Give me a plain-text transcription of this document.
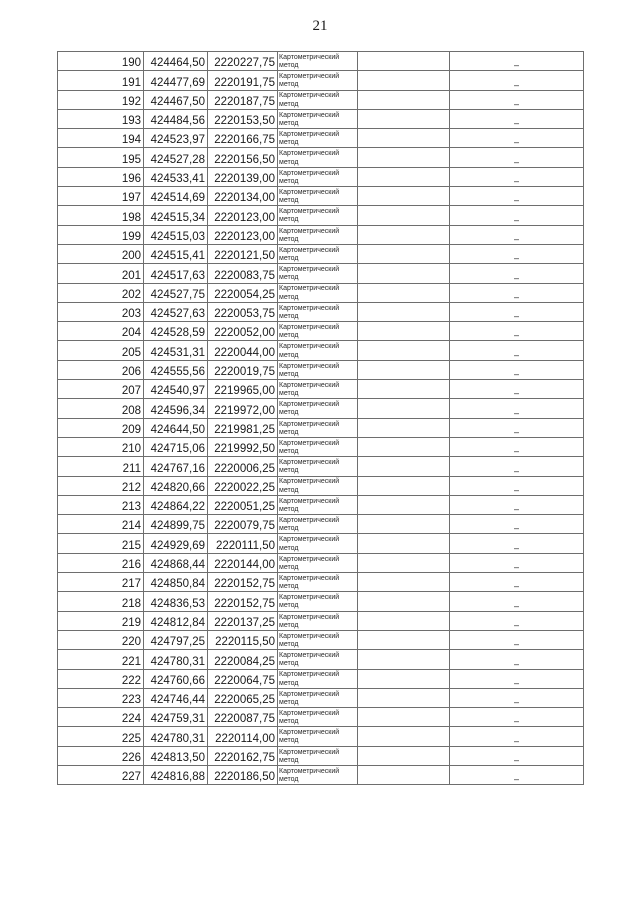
21
190	424464,50	2220227,75	Картометрический метод		–
191	424477,69	2220191,75	Картометрический метод		–
192	424467,50	2220187,75	Картометрический метод		–
193	424484,56	2220153,50	Картометрический метод		–
194	424523,97	2220166,75	Картометрический метод		–
195	424527,28	2220156,50	Картометрический метод		–
196	424533,41	2220139,00	Картометрический метод		–
197	424514,69	2220134,00	Картометрический метод		–
198	424515,34	2220123,00	Картометрический метод		–
199	424515,03	2220123,00	Картометрический метод		–
200	424515,41	2220121,50	Картометрический метод		–
201	424517,63	2220083,75	Картометрический метод		–
202	424527,75	2220054,25	Картометрический метод		–
203	424527,63	2220053,75	Картометрический метод		–
204	424528,59	2220052,00	Картометрический метод		–
205	424531,31	2220044,00	Картометрический метод		–
206	424555,56	2220019,75	Картометрический метод		–
207	424540,97	2219965,00	Картометрический метод		–
208	424596,34	2219972,00	Картометрический метод		–
209	424644,50	2219981,25	Картометрический метод		–
210	424715,06	2219992,50	Картометрический метод		–
211	424767,16	2220006,25	Картометрический метод		–
212	424820,66	2220022,25	Картометрический метод		–
213	424864,22	2220051,25	Картометрический метод		–
214	424899,75	2220079,75	Картометрический метод		–
215	424929,69	2220111,50	Картометрический метод		–
216	424868,44	2220144,00	Картометрический метод		–
217	424850,84	2220152,75	Картометрический метод		–
218	424836,53	2220152,75	Картометрический метод		–
219	424812,84	2220137,25	Картометрический метод		–
220	424797,25	2220115,50	Картометрический метод		–
221	424780,31	2220084,25	Картометрический метод		–
222	424760,66	2220064,75	Картометрический метод		–
223	424746,44	2220065,25	Картометрический метод		–
224	424759,31	2220087,75	Картометрический метод		–
225	424780,31	2220114,00	Картометрический метод		–
226	424813,50	2220162,75	Картометрический метод		–
227	424816,88	2220186,50	Картометрический метод		–
